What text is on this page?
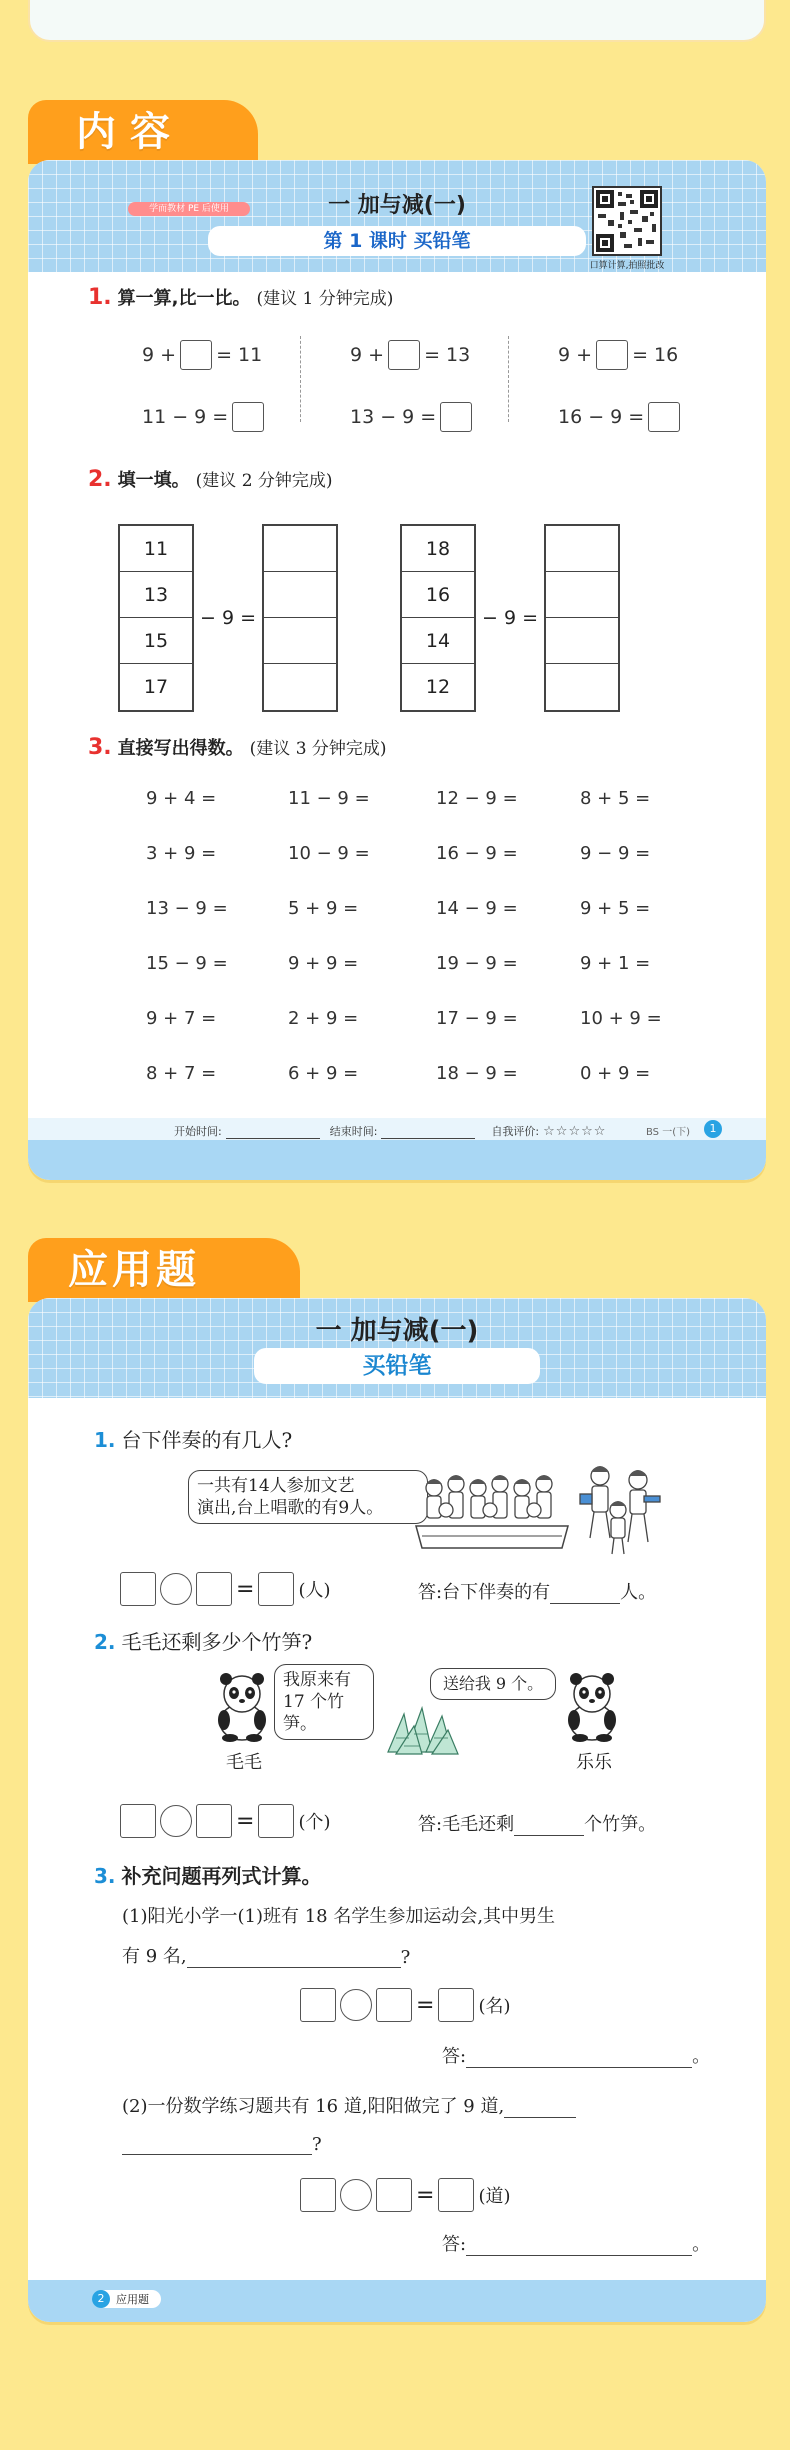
内容
学而教材 PE 后使用	一 加与减(一)
第 1 课时 买铅笔
口算计算,拍照批改
1. 算一算,比一比。 (建议 1 分钟完成)
9 + = 11	9 + = 13	9 + = 16
11 − 9 =	13 − 9 =	16 − 9 =
2. 填一填。 (建议 2 分钟完成)
11
13
15
17
− 9 =
18
16
14
12
− 9 =
3. 直接写出得数。 (建议 3 分钟完成)
9 + 4 =	11 − 9 =	12 − 9 =	8 + 5 =
3 + 9 =	10 − 9 =	16 − 9 =	9 − 9 =
13 − 9 =	5 + 9 =	14 − 9 =	9 + 5 =
15 − 9 =	9 + 9 =	19 − 9 =	9 + 1 =
9 + 7 =	2 + 9 =	17 − 9 =	10 + 9 =
8 + 7 =	6 + 9 =	18 − 9 =	0 + 9 =
开始时间:	结束时间:	自我评价: ☆☆☆☆☆	BS 一(下)	1
应用题
一 加与减(一)
买铅笔
1. 台下伴奏的有几人?
一共有14人参加文艺
演出,台上唱歌的有9人。
= (人)	答:台下伴奏的有	人。
2. 毛毛还剩多少个竹笋?
我原来有
17 个竹笋。
送给我 9 个。
毛毛	乐乐
= (个)	答:毛毛还剩	个竹笋。
3. 补充问题再列式计算。
(1)阳光小学一(1)班有 18 名学生参加运动会,其中男生
有 9 名,	?
= (名)
答:	。
(2)一份数学练习题共有 16 道,阳阳做完了 9 道,
?
= (道)
答:	。
2	应用题
